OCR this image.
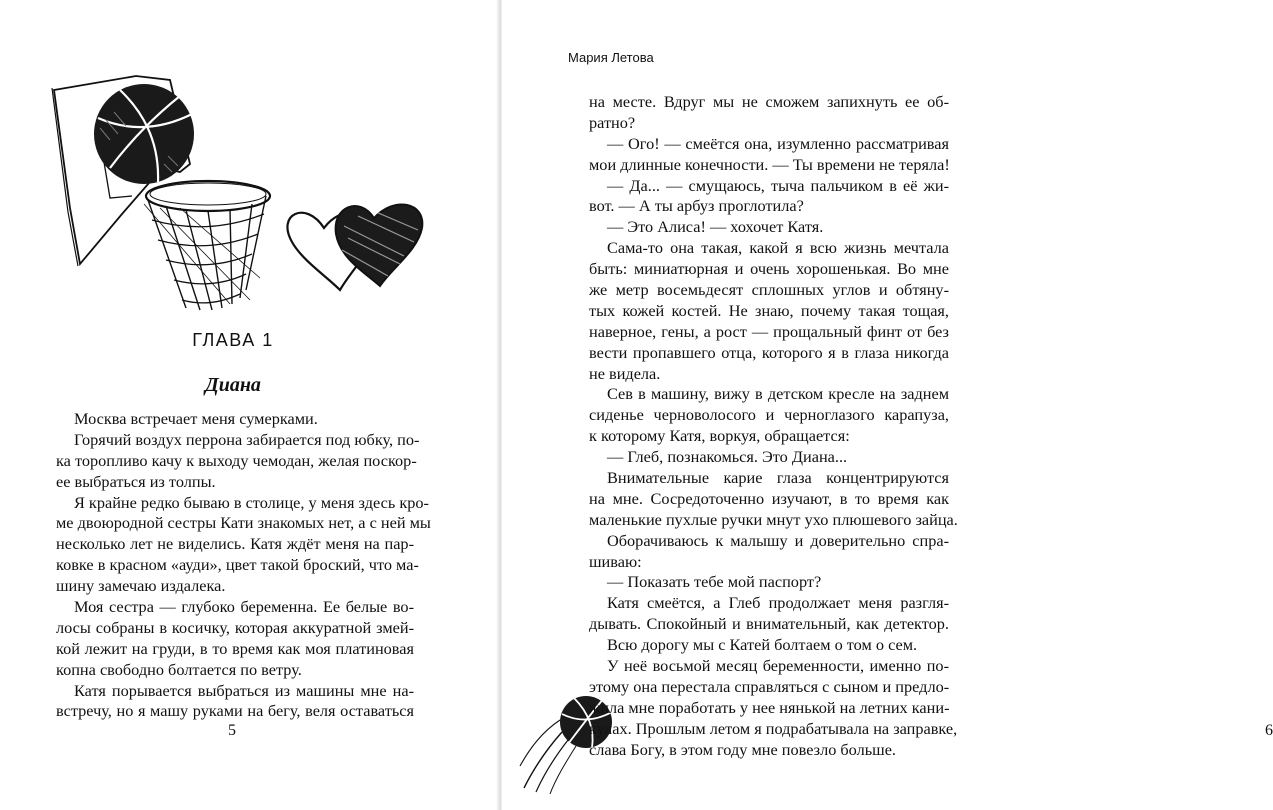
ГЛАВА 1
Диана
5
Москва встречает меня сумерками.
Горячий воздух перрона забирается под юбку, по-
ка торопливо качу к выходу чемодан, желая поскор-
ее выбраться из толпы.
Я крайне редко бываю в столице, у меня здесь кро-
ме двоюродной сестры Кати знакомых нет, а с ней мы
несколько лет не виделись. Катя ждёт меня на пар-
ковке в красном «ауди», цвет такой броский, что ма-
шину замечаю издалека.
Моя сестра — глубоко беременна. Ее белые во-
лосы собраны в косичку, которая аккуратной змей-
кой лежит на груди, в то время как моя платиновая
копна свободно болтается по ветру.
Катя порывается выбраться из машины мне на-
встречу, но я машу руками на бегу, веля оставаться
6
Мария Летова
на месте. Вдруг мы не сможем запихнуть ее об-
ратно?
— Ого! — смеётся она, изумленно рассматривая
мои длинные конечности. — Ты времени не теряла!
— Да... — смущаюсь, тыча пальчиком в её жи-
вот. — А ты арбуз проглотила?
— Это Алиса! — хохочет Катя.
Сама-то она такая, какой я всю жизнь мечтала
быть: миниатюрная и очень хорошенькая. Во мне
же метр восемьдесят сплошных углов и обтяну-
тых кожей костей. Не знаю, почему такая тощая,
наверное, гены, а рост — прощальный финт от без
вести пропавшего отца, которого я в глаза никогда
не видела.
Сев в машину, вижу в детском кресле на заднем
сиденье черноволосого и черноглазого карапуза,
к которому Катя, воркуя, обращается:
— Глеб, познакомься. Это Диана...
Внимательные карие глаза концентрируются
на мне. Сосредоточенно изучают, в то время как
маленькие пухлые ручки мнут ухо плюшевого зайца.
Оборачиваюсь к малышу и доверительно спра-
шиваю:
— Показать тебе мой паспорт?
Катя смеётся, а Глеб продолжает меня разгля-
дывать. Спокойный и внимательный, как детектор.
Всю дорогу мы с Катей болтаем о том о сем.
У неё восьмой месяц беременности, именно по-
этому она перестала справляться с сыном и предло-
жила мне поработать у нее нянькой на летних кани-
кулах. Прошлым летом я подрабатывала на заправке,
слава Богу, в этом году мне повезло больше.
